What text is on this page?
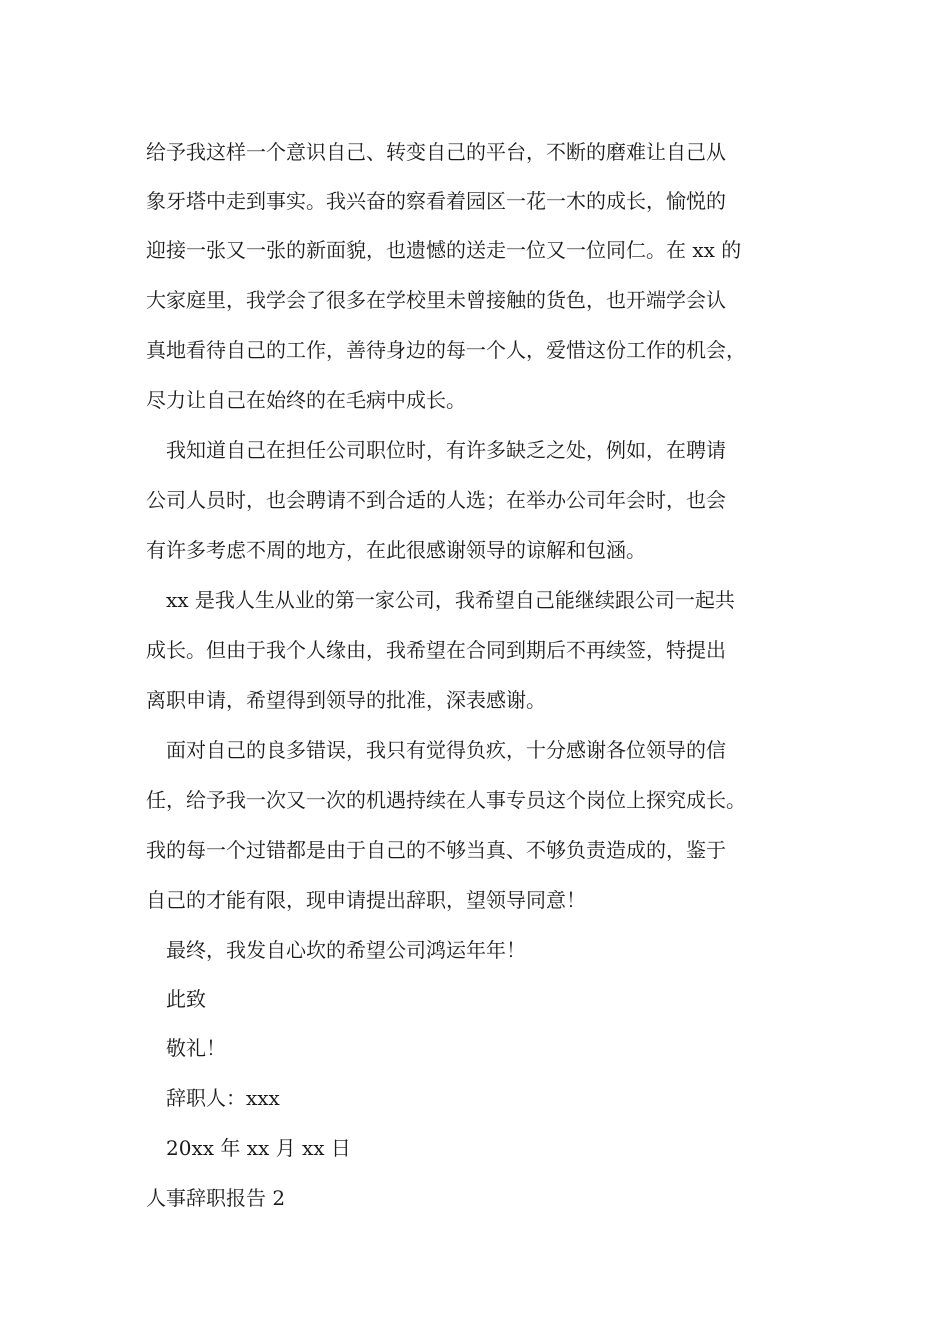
给予我这样一个意识自己、转变自己的平台，不断的磨难让自己从
象牙塔中走到事实。我兴奋的察看着园区一花一木的成长，愉悦的
迎接一张又一张的新面貌，也遗憾的送走一位又一位同仁。在 xx 的
大家庭里，我学会了很多在学校里未曾接触的货色，也开端学会认
真地看待自己的工作，善待身边的每一个人，爱惜这份工作的机会，
尽力让自己在始终的在毛病中成长。
我知道自己在担任公司职位时，有许多缺乏之处，例如，在聘请
公司人员时，也会聘请不到合适的人选；在举办公司年会时，也会
有许多考虑不周的地方，在此很感谢领导的谅解和包涵。
xx 是我人生从业的第一家公司，我希望自己能继续跟公司一起共
成长。但由于我个人缘由，我希望在合同到期后不再续签，特提出
离职申请，希望得到领导的批准，深表感谢。
面对自己的良多错误，我只有觉得负疚，十分感谢各位领导的信
任，给予我一次又一次的机遇持续在人事专员这个岗位上探究成长。
我的每一个过错都是由于自己的不够当真、不够负责造成的，鉴于
自己的才能有限，现申请提出辞职，望领导同意！
最终，我发自心坎的希望公司鸿运年年！
此致
敬礼！
辞职人：xxx
20xx 年 xx 月 xx 日
人事辞职报告 2
